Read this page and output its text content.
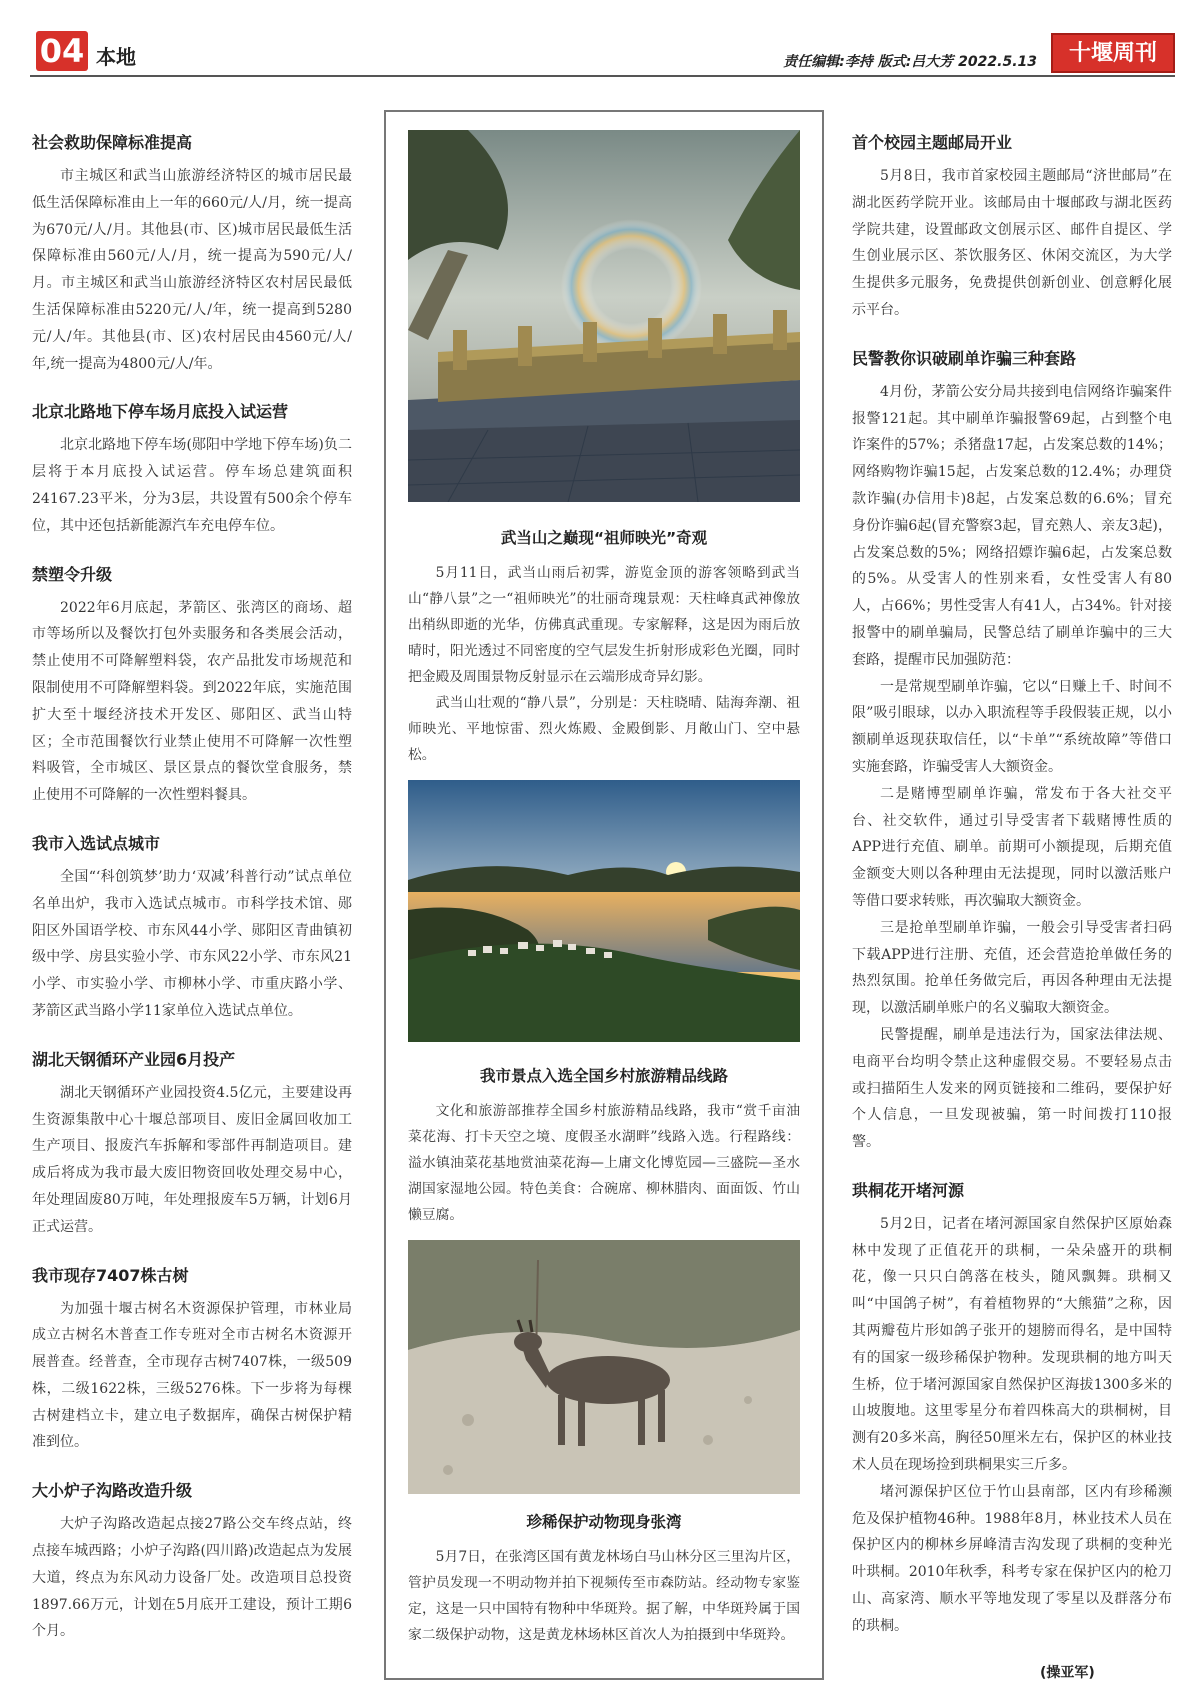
04 本地	责任编辑:李持 版式:吕大芳 2022.5.13	十堰周刊
社会救助保障标准提高

市主城区和武当山旅游经济特区的城市居民最低生活保障标准由上一年的660元/人/月，统一提高为670元/人/月。其他县(市、区)城市居民最低生活保障标准由560元/人/月，统一提高为590元/人/月。市主城区和武当山旅游经济特区农村居民最低生活保障标准由5220元/人/年，统一提高到5280元/人/年。其他县(市、区)农村居民由4560元/人/年,统一提高为4800元/人/年。

北京北路地下停车场月底投入试运营

北京北路地下停车场(郧阳中学地下停车场)负二层将于本月底投入试运营。停车场总建筑面积24167.23平米，分为3层，共设置有500余个停车位，其中还包括新能源汽车充电停车位。

禁塑令升级

2022年6月底起，茅箭区、张湾区的商场、超市等场所以及餐饮打包外卖服务和各类展会活动，禁止使用不可降解塑料袋，农产品批发市场规范和限制使用不可降解塑料袋。到2022年底，实施范围扩大至十堰经济技术开发区、郧阳区、武当山特区；全市范围餐饮行业禁止使用不可降解一次性塑料吸管，全市城区、景区景点的餐饮堂食服务，禁止使用不可降解的一次性塑料餐具。

我市入选试点城市

全国“‘科创筑梦’助力‘双减’科普行动”试点单位名单出炉，我市入选试点城市。市科学技术馆、郧阳区外国语学校、市东风44小学、郧阳区青曲镇初级中学、房县实验小学、市东风22小学、市东风21小学、市实验小学、市柳林小学、市重庆路小学、茅箭区武当路小学11家单位入选试点单位。

湖北天钢循环产业园6月投产

湖北天钢循环产业园投资4.5亿元，主要建设再生资源集散中心十堰总部项目、废旧金属回收加工生产项目、报废汽车拆解和零部件再制造项目。建成后将成为我市最大废旧物资回收处理交易中心，年处理固废80万吨，年处理报废车5万辆，计划6月正式运营。

我市现存7407株古树

为加强十堰古树名木资源保护管理，市林业局成立古树名木普查工作专班对全市古树名木资源开展普查。经普查，全市现存古树7407株，一级509株，二级1622株，三级5276株。下一步将为每棵古树建档立卡，建立电子数据库，确保古树保护精准到位。

大小炉子沟路改造升级

大炉子沟路改造起点接27路公交车终点站，终点接车城西路；小炉子沟路(四川路)改造起点为发展大道，终点为东风动力设备厂处。改造项目总投资1897.66万元，计划在5月底开工建设，预计工期6个月。

武当山之巅现“祖师映光”奇观

5月11日，武当山雨后初霁，游览金顶的游客领略到武当山“静八景”之一“祖师映光”的壮丽奇瑰景观：天柱峰真武神像放出稍纵即逝的光华，仿佛真武重现。专家解释，这是因为雨后放晴时，阳光透过不同密度的空气层发生折射形成彩色光圈，同时把金殿及周围景物反射显示在云端形成奇异幻影。

武当山壮观的“静八景”，分别是：天柱晓晴、陆海奔潮、祖师映光、平地惊雷、烈火炼殿、金殿倒影、月敞山门、空中悬松。

我市景点入选全国乡村旅游精品线路

文化和旅游部推荐全国乡村旅游精品线路，我市“赏千亩油菜花海、打卡天空之境、度假圣水湖畔”线路入选。行程路线：溢水镇油菜花基地赏油菜花海—上庸文化博览园—三盛院—圣水湖国家湿地公园。特色美食：合碗席、柳林腊肉、面面饭、竹山懒豆腐。

珍稀保护动物现身张湾

5月7日，在张湾区国有黄龙林场白马山林分区三里沟片区，管护员发现一不明动物并拍下视频传至市森防站。经动物专家鉴定，这是一只中国特有物种中华斑羚。据了解，中华斑羚属于国家二级保护动物，这是黄龙林场林区首次人为拍摄到中华斑羚。

首个校园主题邮局开业

5月8日，我市首家校园主题邮局“济世邮局”在湖北医药学院开业。该邮局由十堰邮政与湖北医药学院共建，设置邮政文创展示区、邮件自提区、学生创业展示区、茶饮服务区、休闲交流区，为大学生提供多元服务，免费提供创新创业、创意孵化展示平台。

民警教你识破刷单诈骗三种套路

4月份，茅箭公安分局共接到电信网络诈骗案件报警121起。其中刷单诈骗报警69起，占到整个电诈案件的57%；杀猪盘17起，占发案总数的14%；网络购物诈骗15起，占发案总数的12.4%；办理贷款诈骗(办信用卡)8起，占发案总数的6.6%；冒充身份诈骗6起(冒充警察3起，冒充熟人、亲友3起)，占发案总数的5%；网络招嫖诈骗6起，占发案总数的5%。从受害人的性别来看，女性受害人有80人，占66%；男性受害人有41人，占34%。针对接报警中的刷单骗局，民警总结了刷单诈骗中的三大套路，提醒市民加强防范：

一是常规型刷单诈骗，它以“日赚上千、时间不限”吸引眼球，以办入职流程等手段假装正规，以小额刷单返现获取信任，以“卡单”“系统故障”等借口实施套路，诈骗受害人大额资金。

二是赌博型刷单诈骗，常发布于各大社交平台、社交软件，通过引导受害者下载赌博性质的APP进行充值、刷单。前期可小额提现，后期充值金额变大则以各种理由无法提现，同时以激活账户等借口要求转账，再次骗取大额资金。

三是抢单型刷单诈骗，一般会引导受害者扫码下载APP进行注册、充值，还会营造抢单做任务的热烈氛围。抢单任务做完后，再因各种理由无法提现，以激活刷单账户的名义骗取大额资金。

民警提醒，刷单是违法行为，国家法律法规、电商平台均明令禁止这种虚假交易。不要轻易点击或扫描陌生人发来的网页链接和二维码，要保护好个人信息，一旦发现被骗，第一时间拨打110报警。

珙桐花开堵河源

5月2日，记者在堵河源国家自然保护区原始森林中发现了正值花开的珙桐，一朵朵盛开的珙桐花，像一只只白鸽落在枝头，随风飘舞。珙桐又叫“中国鸽子树”，有着植物界的“大熊猫”之称，因其两瓣苞片形如鸽子张开的翅膀而得名，是中国特有的国家一级珍稀保护物种。发现珙桐的地方叫天生桥，位于堵河源国家自然保护区海拔1300多米的山坡腹地。这里零星分布着四株高大的珙桐树，目测有20多米高，胸径50厘米左右，保护区的林业技术人员在现场捡到珙桐果实三斤多。

堵河源保护区位于竹山县南部，区内有珍稀濒危及保护植物46种。1988年8月，林业技术人员在保护区内的柳林乡屏峰清吉沟发现了珙桐的变种光叶珙桐。2010年秋季，科考专家在保护区内的枪刀山、高家湾、顺水平等地发现了零星以及群落分布的珙桐。

(操亚军)
